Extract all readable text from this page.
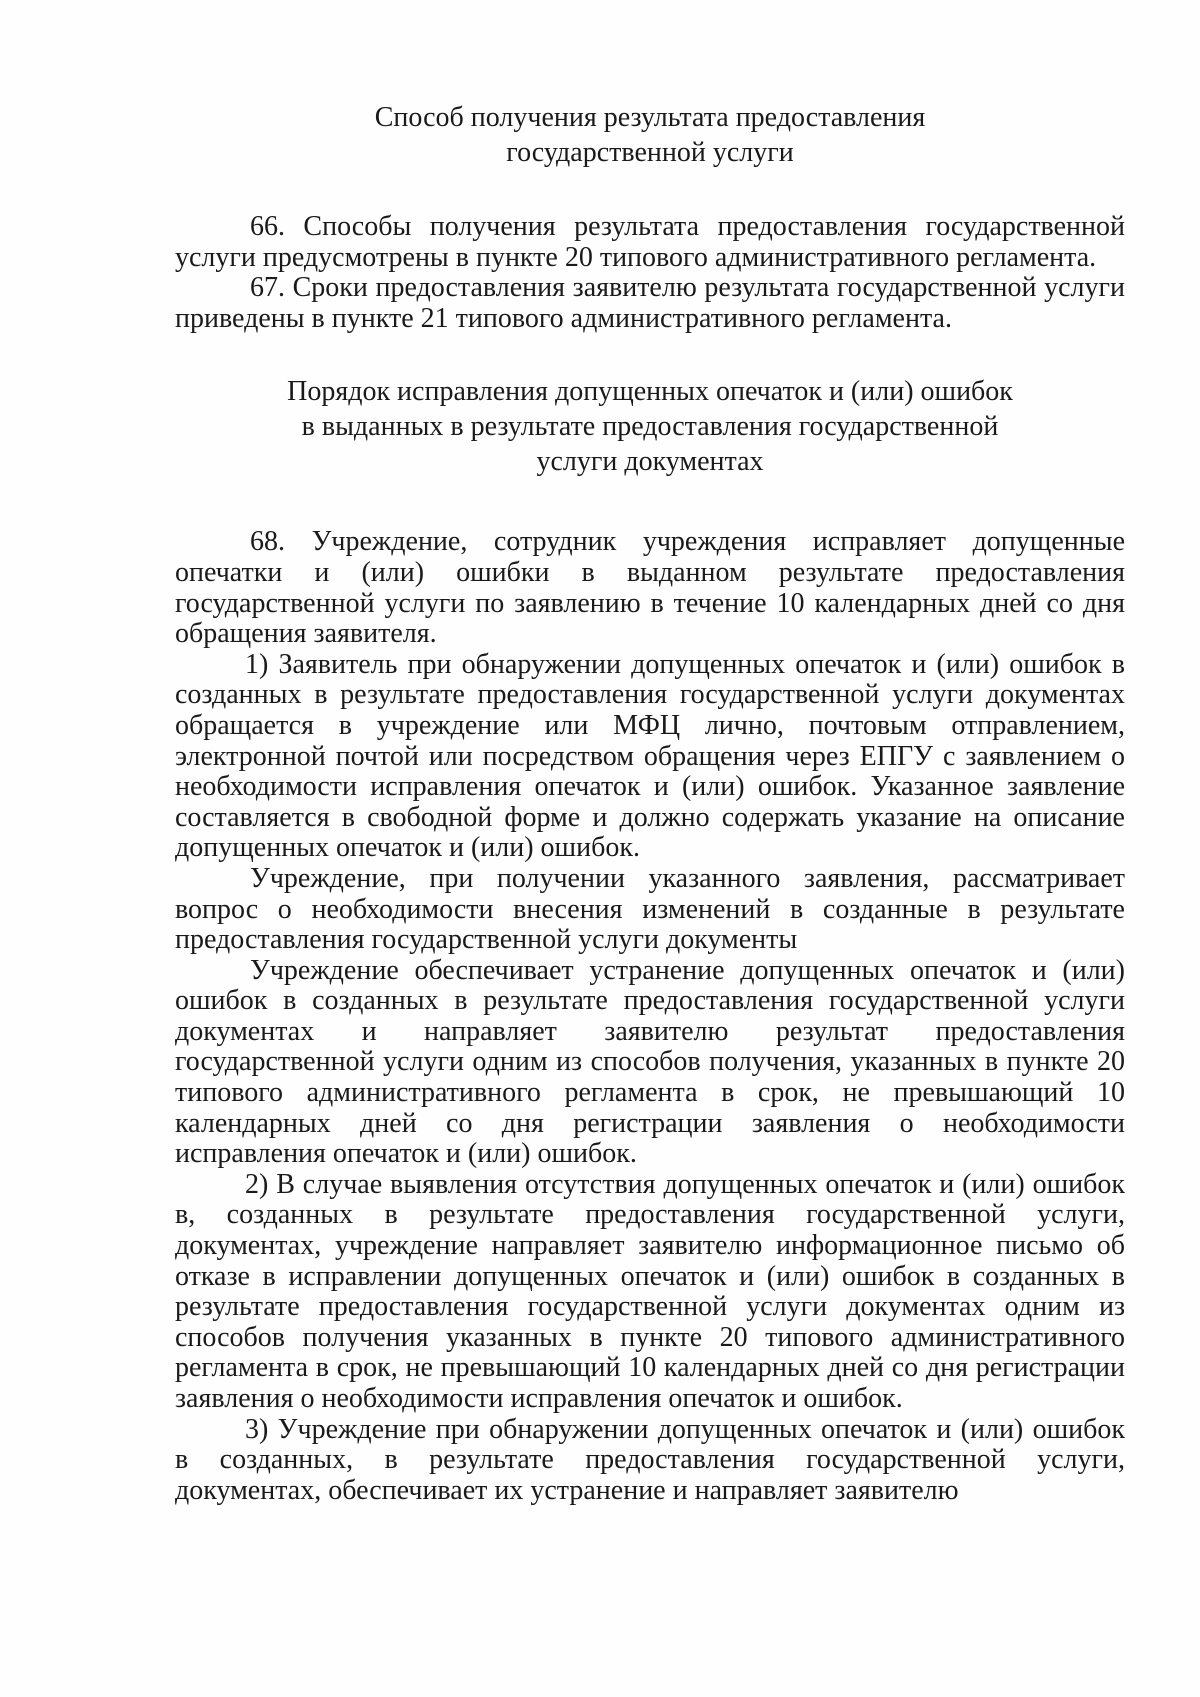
Способ получения результата предоставления
государственной услуги

66. Способы получения результата предоставления государственной услуги предусмотрены в пункте 20 типового административного регламента.

67. Сроки предоставления заявителю результата государственной услуги приведены в пункте 21 типового административного регламента.

Порядок исправления допущенных опечаток и (или) ошибок
в выданных в результате предоставления государственной
услуги документах

68. Учреждение, сотрудник учреждения исправляет допущенные опечатки и (или) ошибки в выданном результате предоставления государственной услуги по заявлению в течение 10 календарных дней со дня обращения заявителя.

1) Заявитель при обнаружении допущенных опечаток и (или) ошибок в созданных в результате предоставления государственной услуги документах обращается в учреждение или МФЦ лично, почтовым отправлением, электронной почтой или посредством обращения через ЕПГУ с заявлением о необходимости исправления опечаток и (или) ошибок. Указанное заявление составляется в свободной форме и должно содержать указание на описание допущенных опечаток и (или) ошибок.

Учреждение, при получении указанного заявления, рассматривает вопрос о необходимости внесения изменений в созданные в результате предоставления государственной услуги документы

Учреждение обеспечивает устранение допущенных опечаток и (или) ошибок в созданных в результате предоставления государственной услуги документах и направляет заявителю результат предоставления государственной услуги одним из способов получения, указанных в пункте 20 типового административного регламента в срок, не превышающий 10 календарных дней со дня регистрации заявления о необходимости исправления опечаток и (или) ошибок.

2) В случае выявления отсутствия допущенных опечаток и (или) ошибок в, созданных в результате предоставления государственной услуги, документах, учреждение направляет заявителю информационное письмо об отказе в исправлении допущенных опечаток и (или) ошибок в созданных в результате предоставления государственной услуги документах одним из способов получения указанных в пункте 20 типового административного регламента в срок, не превышающий 10 календарных дней со дня регистрации заявления о необходимости исправления опечаток и ошибок.

3) Учреждение при обнаружении допущенных опечаток и (или) ошибок в созданных, в результате предоставления государственной услуги, документах, обеспечивает их устранение и направляет заявителю
